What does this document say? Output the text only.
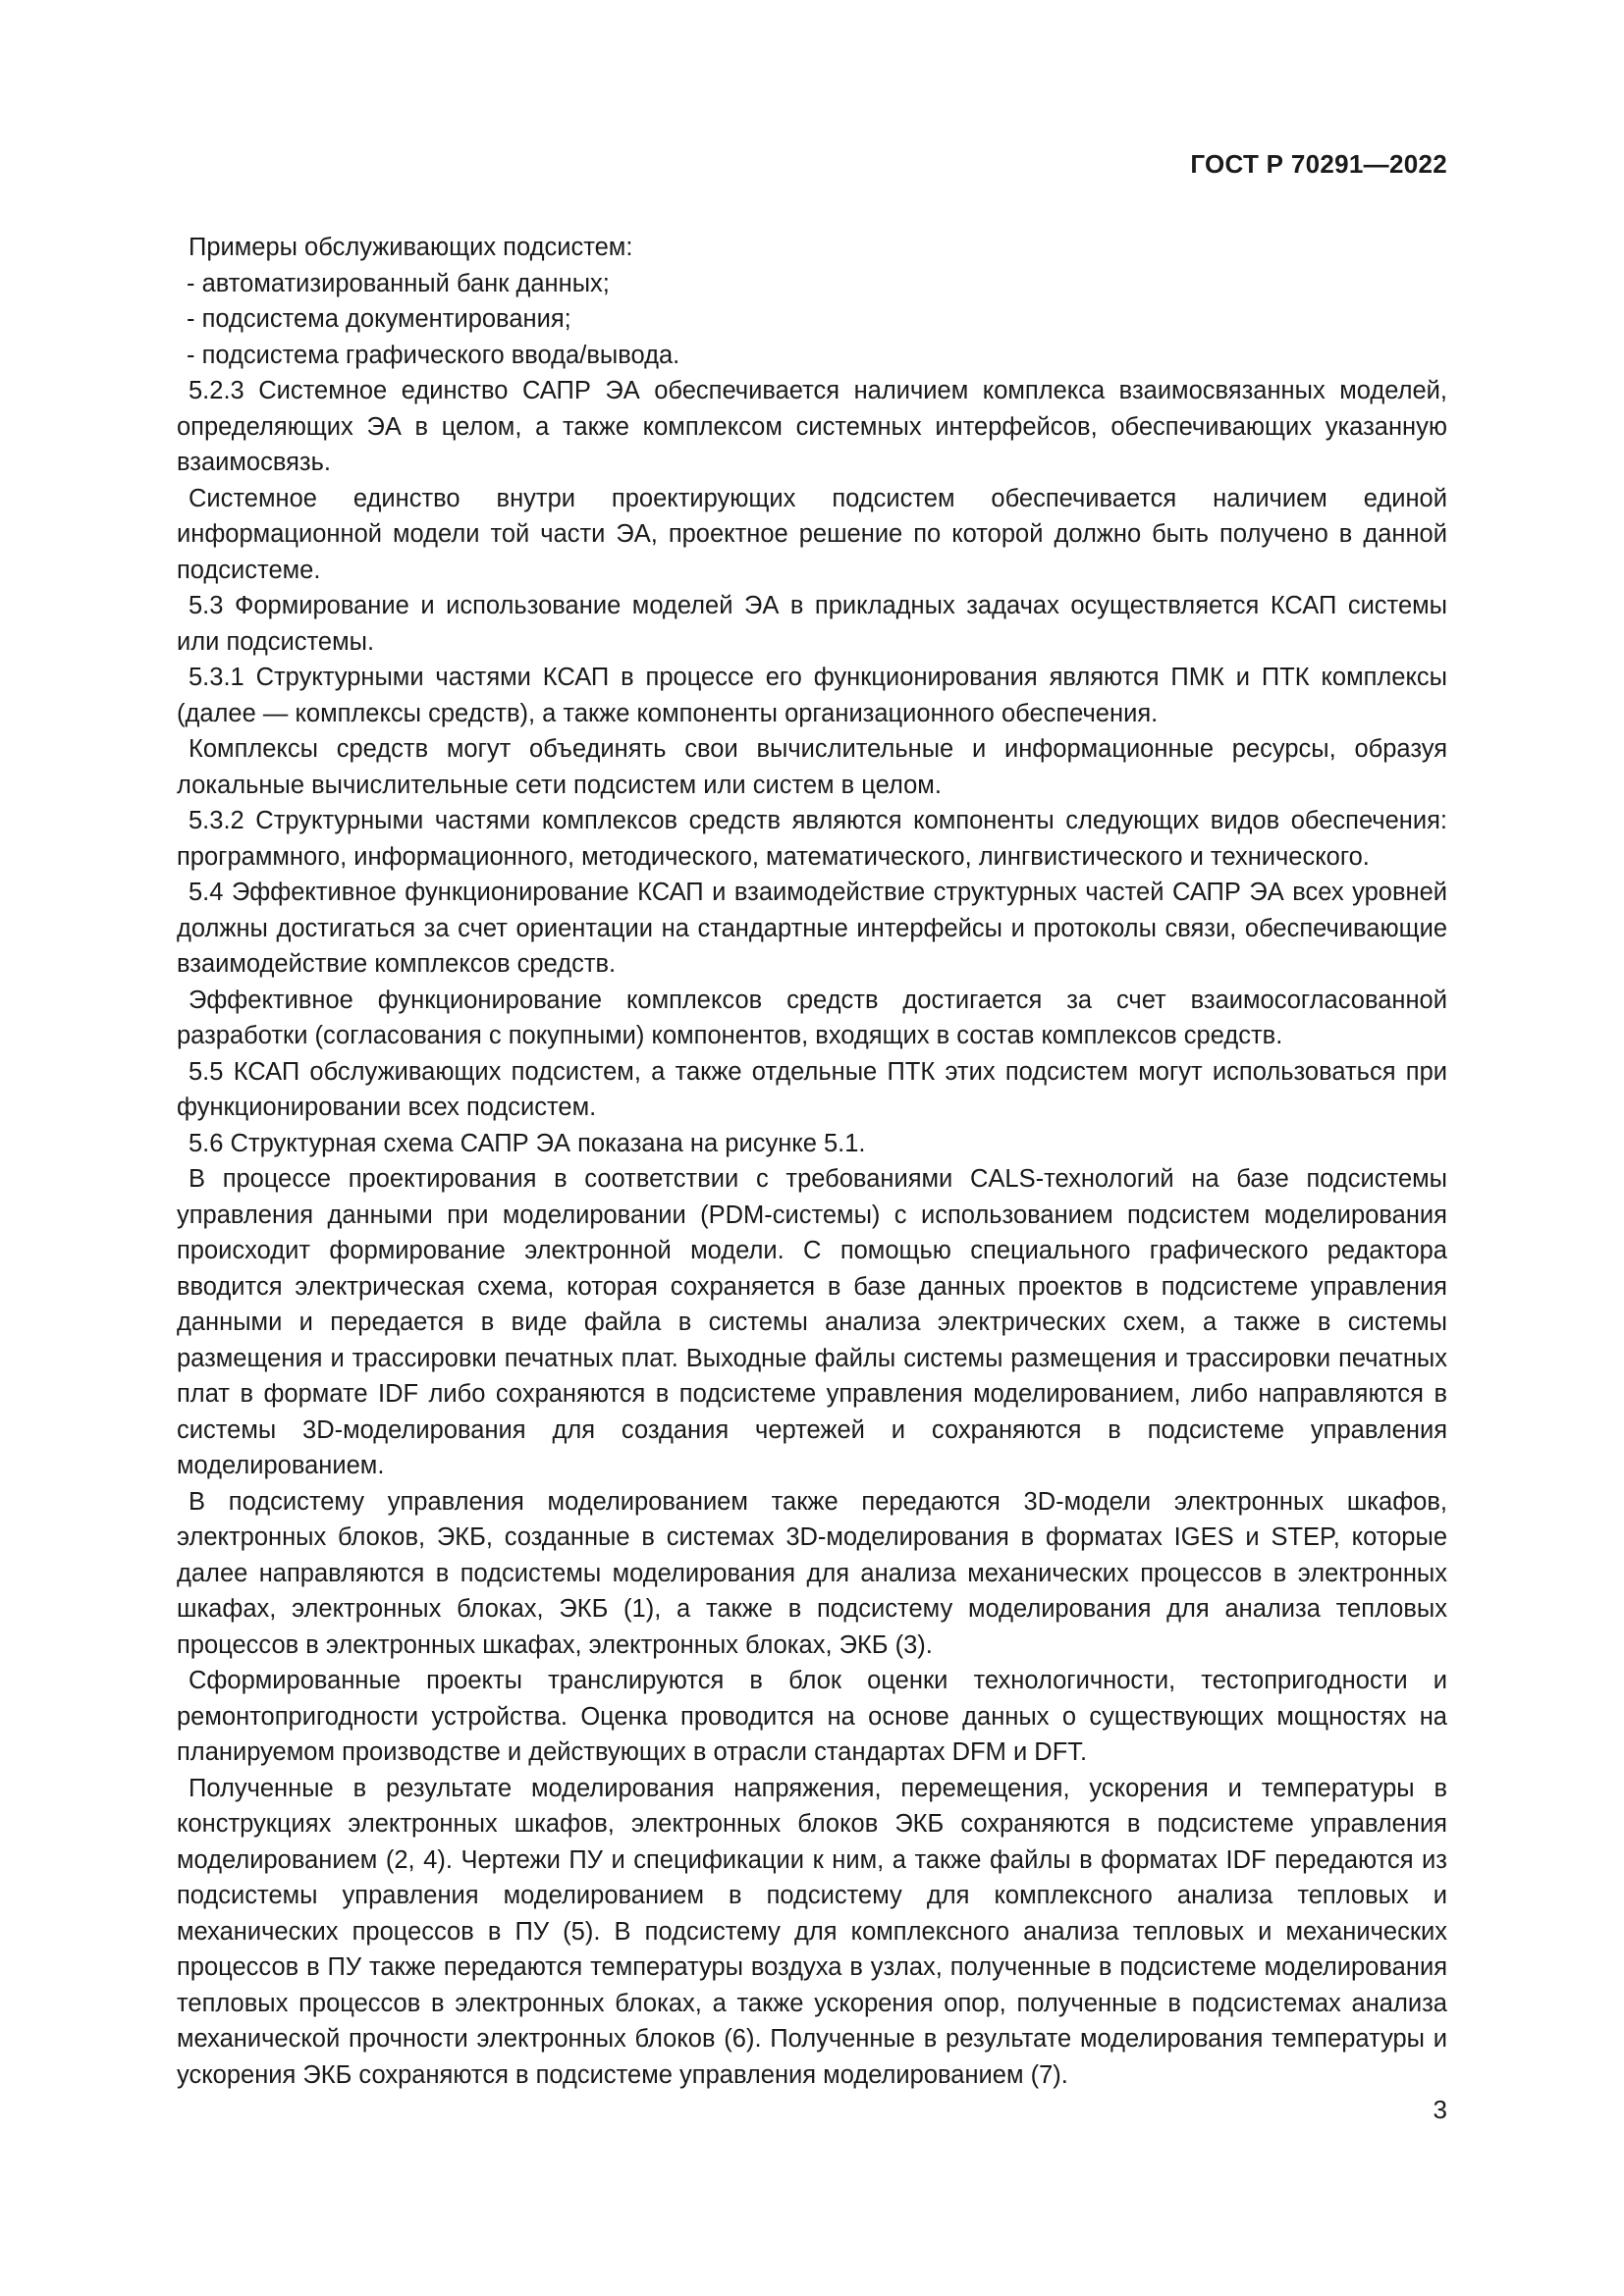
ГОСТ Р 70291—2022

Примеры обслуживающих подсистем:

- автоматизированный банк данных;
- подсистема документирования;
- подсистема графического ввода/вывода.

5.2.3 Системное единство САПР ЭА обеспечивается наличием комплекса взаимосвязанных моделей, определяющих ЭА в целом, а также комплексом системных интерфейсов, обеспечивающих указанную взаимосвязь.

Системное единство внутри проектирующих подсистем обеспечивается наличием единой информационной модели той части ЭА, проектное решение по которой должно быть получено в данной подсистеме.

5.3 Формирование и использование моделей ЭА в прикладных задачах осуществляется КСАП системы или подсистемы.

5.3.1 Структурными частями КСАП в процессе его функционирования являются ПМК и ПТК комплексы (далее — комплексы средств), а также компоненты организационного обеспечения.

Комплексы средств могут объединять свои вычислительные и информационные ресурсы, образуя локальные вычислительные сети подсистем или систем в целом.

5.3.2 Структурными частями комплексов средств являются компоненты следующих видов обеспечения: программного, информационного, методического, математического, лингвистического и технического.

5.4 Эффективное функционирование КСАП и взаимодействие структурных частей САПР ЭА всех уровней должны достигаться за счет ориентации на стандартные интерфейсы и протоколы связи, обеспечивающие взаимодействие комплексов средств.

Эффективное функционирование комплексов средств достигается за счет взаимосогласованной разработки (согласования с покупными) компонентов, входящих в состав комплексов средств.

5.5 КСАП обслуживающих подсистем, а также отдельные ПТК этих подсистем могут использоваться при функционировании всех подсистем.

5.6 Структурная схема САПР ЭА показана на рисунке 5.1.

В процессе проектирования в соответствии с требованиями CALS-технологий на базе подсистемы управления данными при моделировании (PDM-системы) с использованием подсистем моделирования происходит формирование электронной модели. С помощью специального графического редактора вводится электрическая схема, которая сохраняется в базе данных проектов в подсистеме управления данными и передается в виде файла в системы анализа электрических схем, а также в системы размещения и трассировки печатных плат. Выходные файлы системы размещения и трассировки печатных плат в формате IDF либо сохраняются в подсистеме управления моделированием, либо направляются в системы 3D-моделирования для создания чертежей и сохраняются в подсистеме управления моделированием.

В подсистему управления моделированием также передаются 3D-модели электронных шкафов, электронных блоков, ЭКБ, созданные в системах 3D-моделирования в форматах IGES и STEP, которые далее направляются в подсистемы моделирования для анализа механических процессов в электронных шкафах, электронных блоках, ЭКБ (1), а также в подсистему моделирования для анализа тепловых процессов в электронных шкафах, электронных блоках, ЭКБ (3).

Сформированные проекты транслируются в блок оценки технологичности, тестопригодности и ремонтопригодности устройства. Оценка проводится на основе данных о существующих мощностях на планируемом производстве и действующих в отрасли стандартах DFM и DFT.

Полученные в результате моделирования напряжения, перемещения, ускорения и температуры в конструкциях электронных шкафов, электронных блоков ЭКБ сохраняются в подсистеме управления моделированием (2, 4). Чертежи ПУ и спецификации к ним, а также файлы в форматах IDF передаются из подсистемы управления моделированием в подсистему для комплексного анализа тепловых и механических процессов в ПУ (5). В подсистему для комплексного анализа тепловых и механических процессов в ПУ также передаются температуры воздуха в узлах, полученные в подсистеме моделирования тепловых процессов в электронных блоках, а также ускорения опор, полученные в подсистемах анализа механической прочности электронных блоков (6). Полученные в результате моделирования температуры и ускорения ЭКБ сохраняются в подсистеме управления моделированием (7).

3
